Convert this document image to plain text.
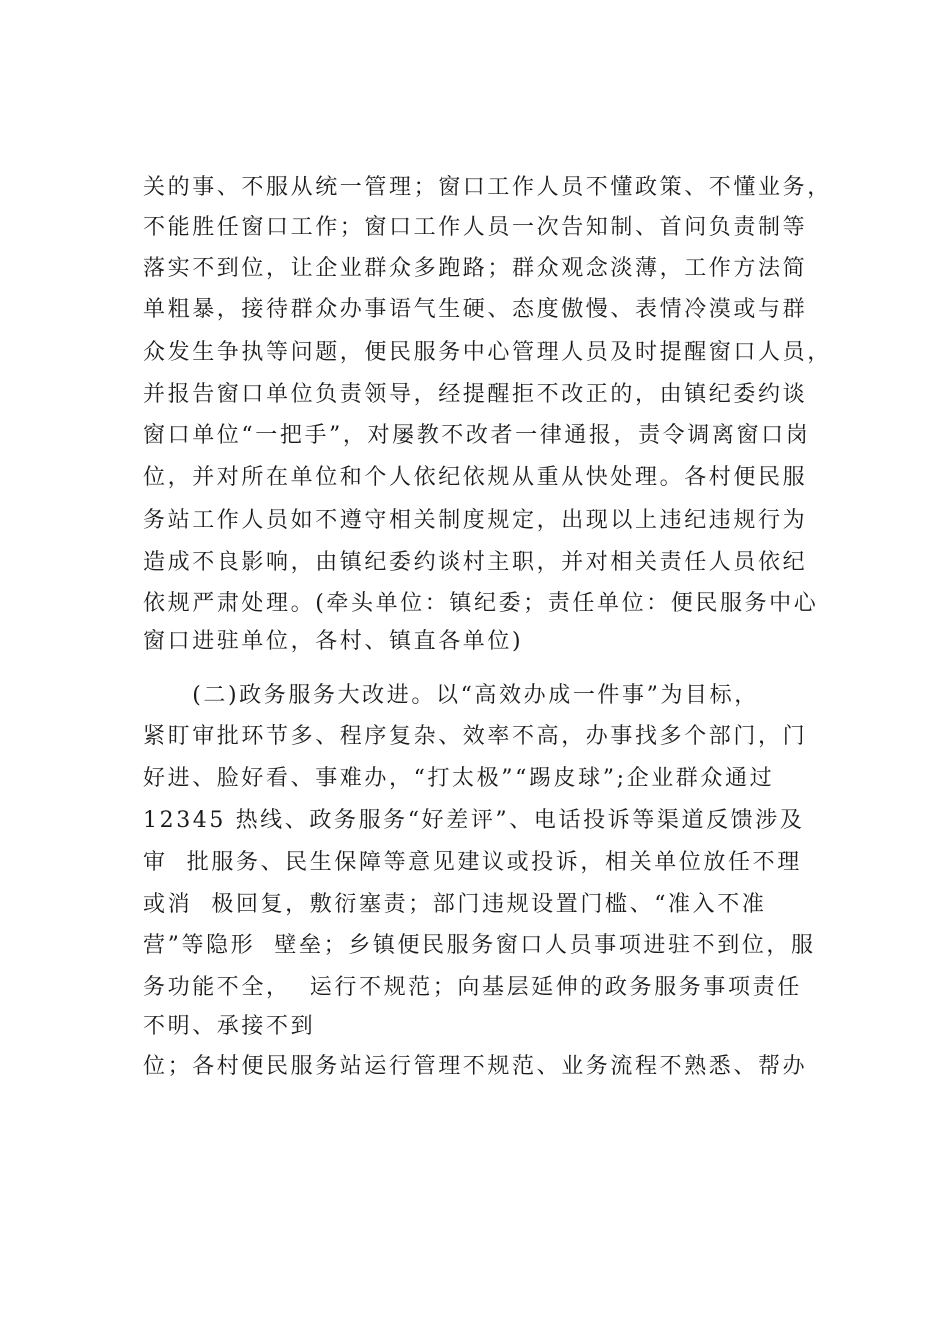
关的事、不服从统一管理；窗口工作人员不懂政策、不懂业务，
不能胜任窗口工作；窗口工作人员一次告知制、首问负责制等
落实不到位，让企业群众多跑路；群众观念淡薄，工作方法简
单粗暴，接待群众办事语气生硬、态度傲慢、表情冷漠或与群
众发生争执等问题，便民服务中心管理人员及时提醒窗口人员，
并报告窗口单位负责领导，经提醒拒不改正的，由镇纪委约谈
窗口单位“一把手”，对屡教不改者一律通报，责令调离窗口岗
位，并对所在单位和个人依纪依规从重从快处理。各村便民服
务站工作人员如不遵守相关制度规定，出现以上违纪违规行为
造成不良影响，由镇纪委约谈村主职，并对相关责任人员依纪
依规严肃处理。(牵头单位：镇纪委；责任单位：便民服务中心
窗口进驻单位，各村、镇直各单位)
　　(二)政务服务大改进。以“高效办成一件事”为目标，
紧盯审批环节多、程序复杂、效率不高，办事找多个部门，门
好进、脸好看、事难办，“打太极”“踢皮球”;企业群众通过
12345 热线、政务服务“好差评”、电话投诉等渠道反馈涉及
审  批服务、民生保障等意见建议或投诉，相关单位放任不理
或消  极回复，敷衍塞责；部门违规设置门槛、“准入不准
营”等隐形  壁垒；乡镇便民服务窗口人员事项进驻不到位，服
务功能不全，  运行不规范；向基层延伸的政务服务事项责任
不明、承接不到
位；各村便民服务站运行管理不规范、业务流程不熟悉、帮办
